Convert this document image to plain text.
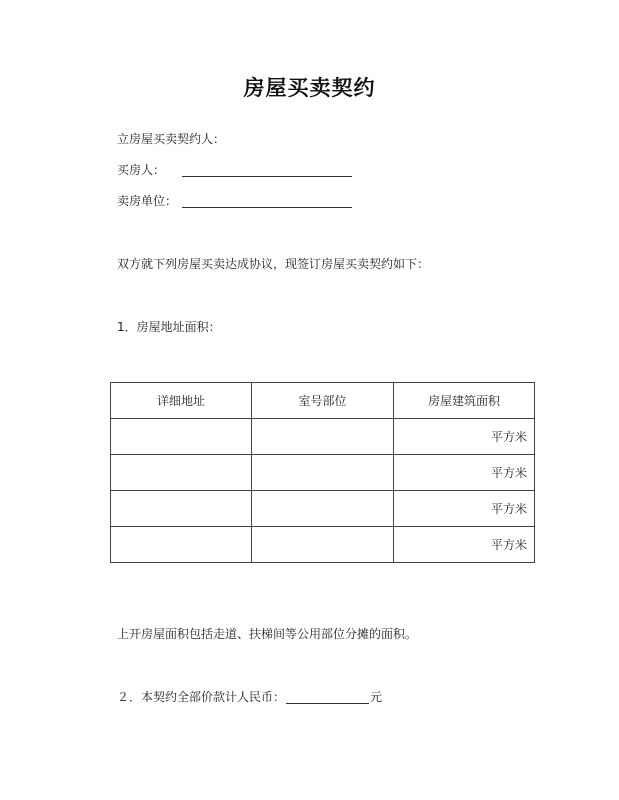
房屋买卖契约
立房屋买卖契约人：
买房人：
卖房单位：
双方就下列房屋买卖达成协议，现签订房屋买卖契约如下：
1．房屋地址面积：
详细地址	室号部位	房屋建筑面积
		平方米
		平方米
		平方米
		平方米
上开房屋面积包括走道、扶梯间等公用部位分摊的面积。
２．本契约全部价款计人民币：	元
